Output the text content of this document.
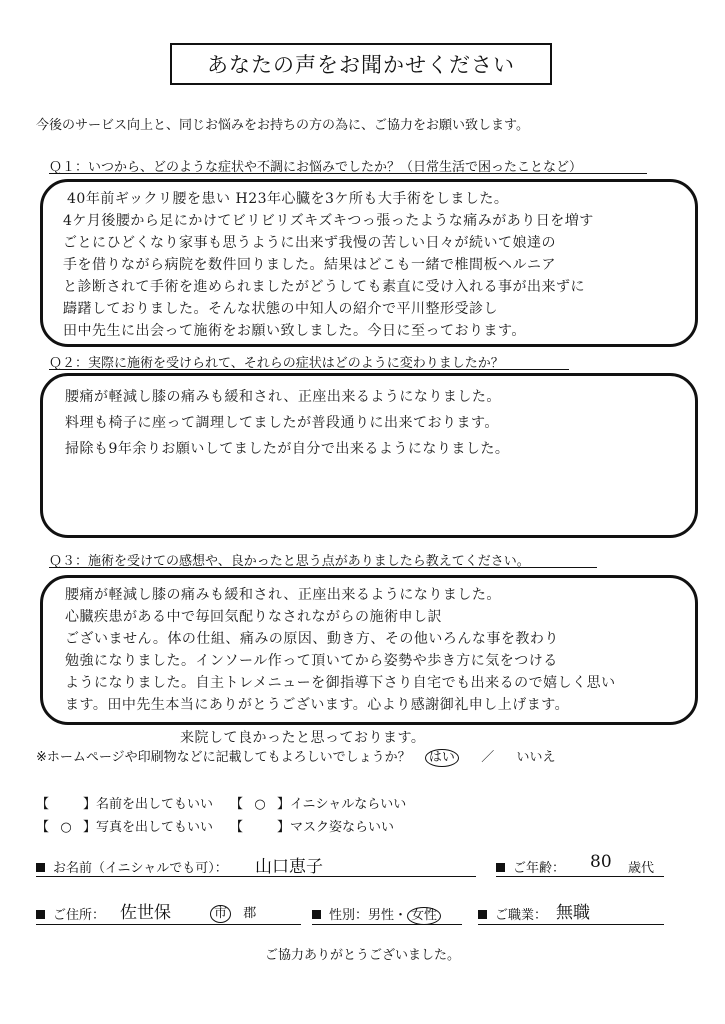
あなたの声をお聞かせください
今後のサービス向上と、同じお悩みをお持ちの方の為に、ご協力をお願い致します。
Ｑ１：いつから、どのような症状や不調にお悩みでしたか？（日常生活で困ったことなど）
40年前ギックリ腰を患い H23年心臓を3ケ所も大手術をしました。
4ケ月後腰から足にかけてビリビリズキズキつっ張ったような痛みがあり日を増す
ごとにひどくなり家事も思うように出来ず我慢の苦しい日々が続いて娘達の
手を借りながら病院を数件回りました。結果はどこも一緒で椎間板ヘルニア
と診断されて手術を進められましたがどうしても素直に受け入れる事が出来ずに
躊躇しておりました。そんな状態の中知人の紹介で平川整形受診し
田中先生に出会って施術をお願い致しました。今日に至っております。
Ｑ２：実際に施術を受けられて、それらの症状はどのように変わりましたか？
腰痛が軽減し膝の痛みも緩和され、正座出来るようになりました。
料理も椅子に座って調理してましたが普段通りに出来ております。
掃除も9年余りお願いしてましたが自分で出来るようになりました。
Ｑ３：施術を受けての感想や、良かったと思う点がありましたら教えてください。
腰痛が軽減し膝の痛みも緩和され、正座出来るようになりました。
心臓疾患がある中で毎回気配りなされながらの施術申し訳
ございません。体の仕組、痛みの原因、動き方、その他いろんな事を教わり
勉強になりました。インソール作って頂いてから姿勢や歩き方に気をつける
ようになりました。自主トレメニューを御指導下さり自宅でも出来るので嬉しく思い
ます。田中先生本当にありがとうございます。心より感謝御礼申し上げます。
来院して良かったと思っております。
※ホームページや印刷物などに記載してもよろしいでしょうか？ はい ／ いいえ
【	】名前を出してもいい 【 ○ 】イニシャルならいい
【 ○ 】写真を出してもいい 【	】マスク姿ならいい
お名前（イニシャルでも可）： 山口恵子	ご年齢： 80 歳代
ご住所： 佐世保	市 郡	性別：男性・ 女性	ご職業： 無職
ご協力ありがとうございました。
